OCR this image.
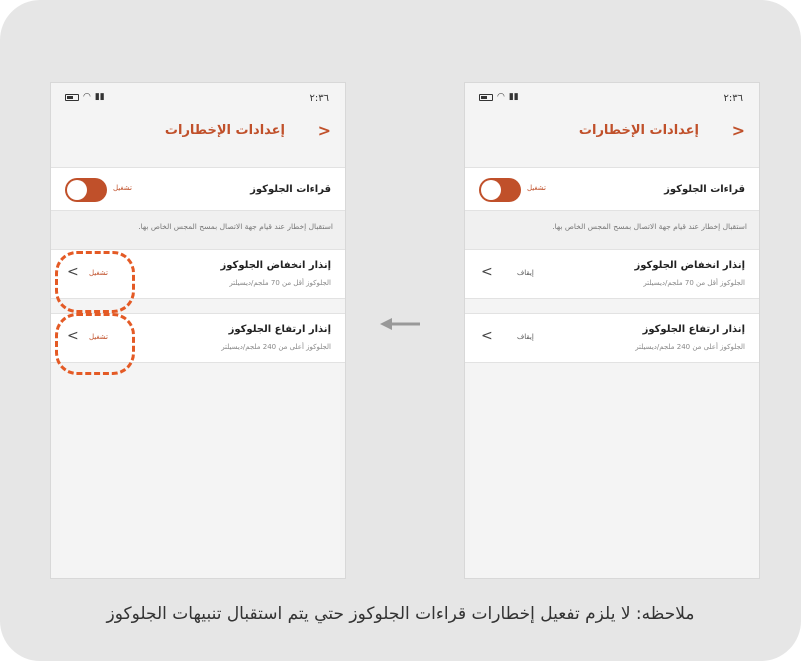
◠ ▮▮	٢:٣٦
إعدادات الإخطارات >
قراءات الجلوكوز
تشغيل
استقبال إخطار عند قيام جهة الاتصال بمسح المجس الخاص بها.
إنذار انخفاض الجلوكوز
الجلوكوز أقل من 70 ملجم/ديسيلتر
< تشغيل
إنذار ارتفاع الجلوكوز
الجلوكوز أعلى من 240 ملجم/ديسيلتر
< تشغيل
◠ ▮▮	٢:٣٦
إعدادات الإخطارات >
قراءات الجلوكوز
تشغيل
استقبال إخطار عند قيام جهة الاتصال بمسح المجس الخاص بها.
إنذار انخفاض الجلوكوز
الجلوكوز أقل من 70 ملجم/ديسيلتر
<	إيقاف
إنذار ارتفاع الجلوكوز
الجلوكوز أعلى من 240 ملجم/ديسيلتر
<	إيقاف
ملاحظه: لا يلزم تفعيل إخطارات قراءات الجلوكوز حتي يتم استقبال تنبيهات الجلوكوز
